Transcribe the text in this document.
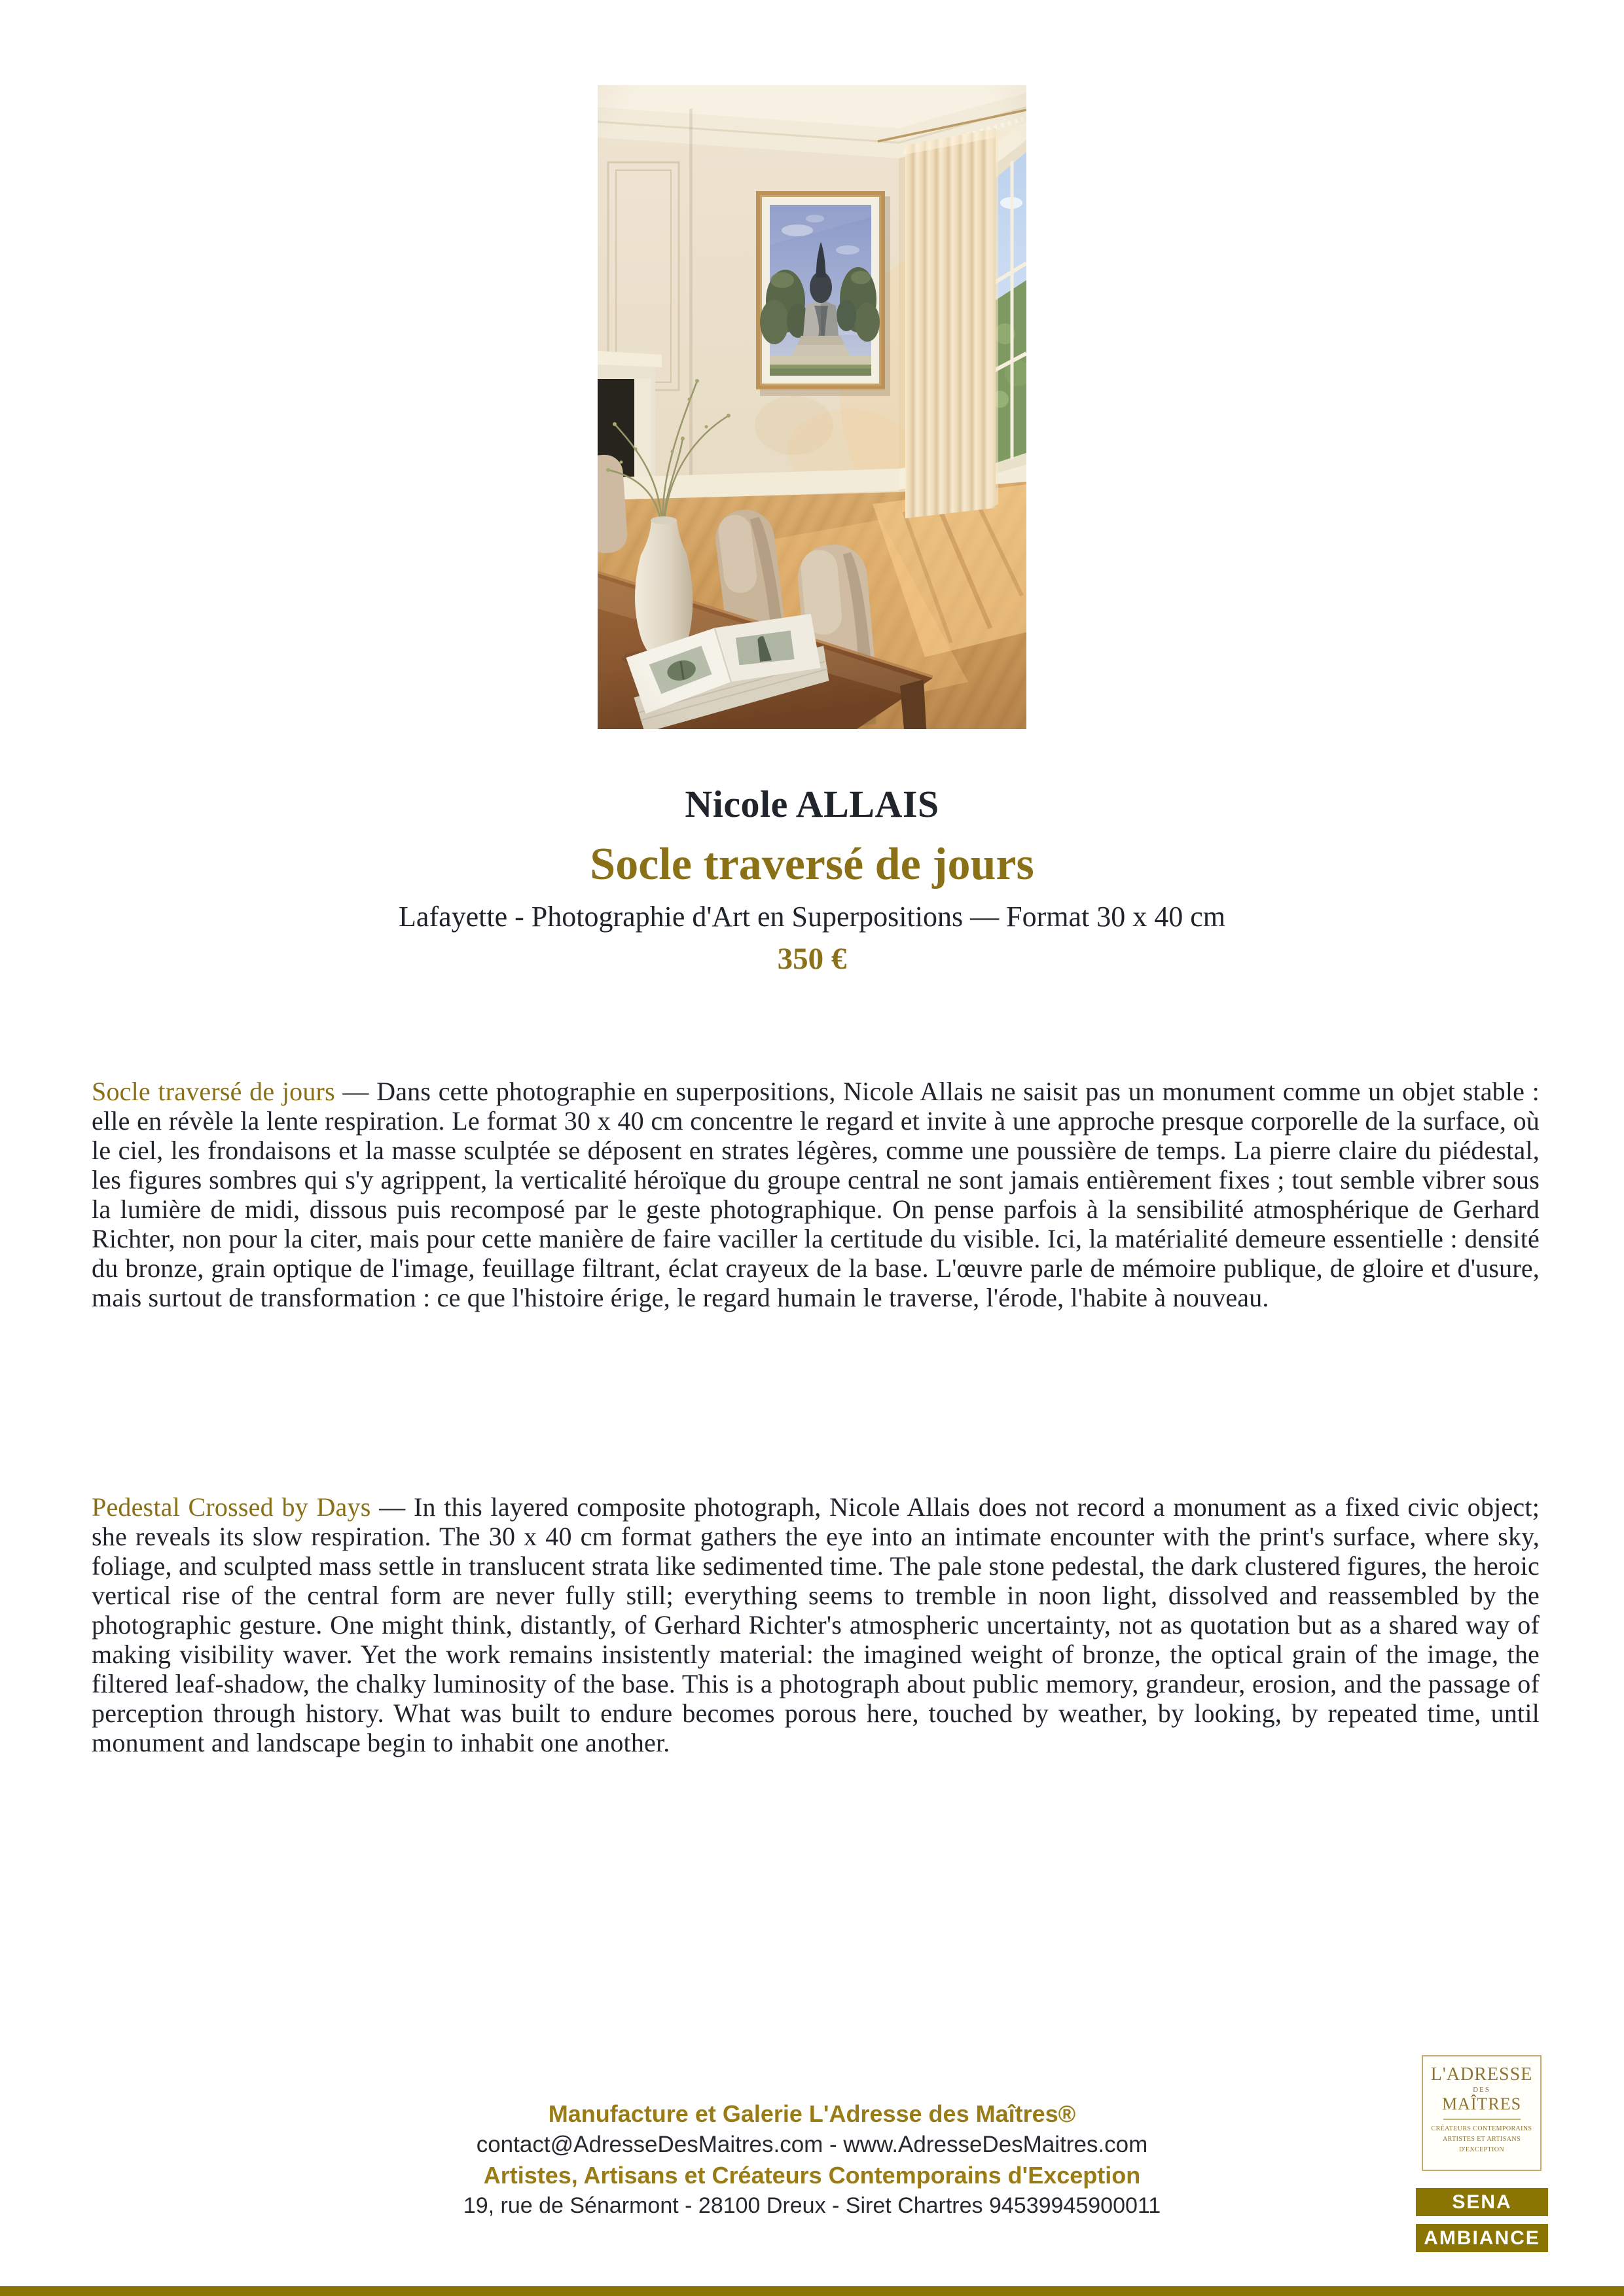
Nicole ALLAIS
Socle traversé de jours
Lafayette - Photographie d'Art en Superpositions — Format 30 x 40 cm
350 €

Socle traversé de jours — Dans cette photographie en superpositions, Nicole Allais ne saisit pas un monument comme un objet stable : elle en révèle la lente respiration. Le format 30 x 40 cm concentre le regard et invite à une approche presque corporelle de la surface, où le ciel, les frondaisons et la masse sculptée se déposent en strates légères, comme une poussière de temps. La pierre claire du piédestal, les figures sombres qui s'y agrippent, la verticalité héroïque du groupe central ne sont jamais entièrement fixes ; tout semble vibrer sous la lumière de midi, dissous puis recomposé par le geste photographique. On pense parfois à la sensibilité atmosphérique de Gerhard Richter, non pour la citer, mais pour cette manière de faire vaciller la certitude du visible. Ici, la matérialité demeure essentielle : densité du bronze, grain optique de l'image, feuillage filtrant, éclat crayeux de la base. L'œuvre parle de mémoire publique, de gloire et d'usure, mais surtout de transformation : ce que l'histoire érige, le regard humain le traverse, l'érode, l'habite à nouveau.

Pedestal Crossed by Days — In this layered composite photograph, Nicole Allais does not record a monument as a fixed civic object; she reveals its slow respiration. The 30 x 40 cm format gathers the eye into an intimate encounter with the print's surface, where sky, foliage, and sculpted mass settle in translucent strata like sedimented time. The pale stone pedestal, the dark clustered figures, the heroic vertical rise of the central form are never fully still; everything seems to tremble in noon light, dissolved and reassembled by the photographic gesture. One might think, distantly, of Gerhard Richter's atmospheric uncertainty, not as quotation but as a shared way of making visibility waver. Yet the work remains insistently material: the imagined weight of bronze, the optical grain of the image, the filtered leaf-shadow, the chalky luminosity of the base. This is a photograph about public memory, grandeur, erosion, and the passage of perception through history. What was built to endure becomes porous here, touched by weather, by looking, by repeated time, until monument and landscape begin to inhabit one another.

Manufacture et Galerie L'Adresse des Maîtres®
contact@AdresseDesMaitres.com - www.AdresseDesMaitres.com
Artistes, Artisans et Créateurs Contemporains d'Exception
19, rue de Sénarmont - 28100 Dreux - Siret Chartres 94539945900011
L'ADRESSE
DES
MAÎTRES
CRÉATEURS CONTEMPORAINS
ARTISTES ET ARTISANS
D'EXCEPTION
SENA
AMBIANCE
